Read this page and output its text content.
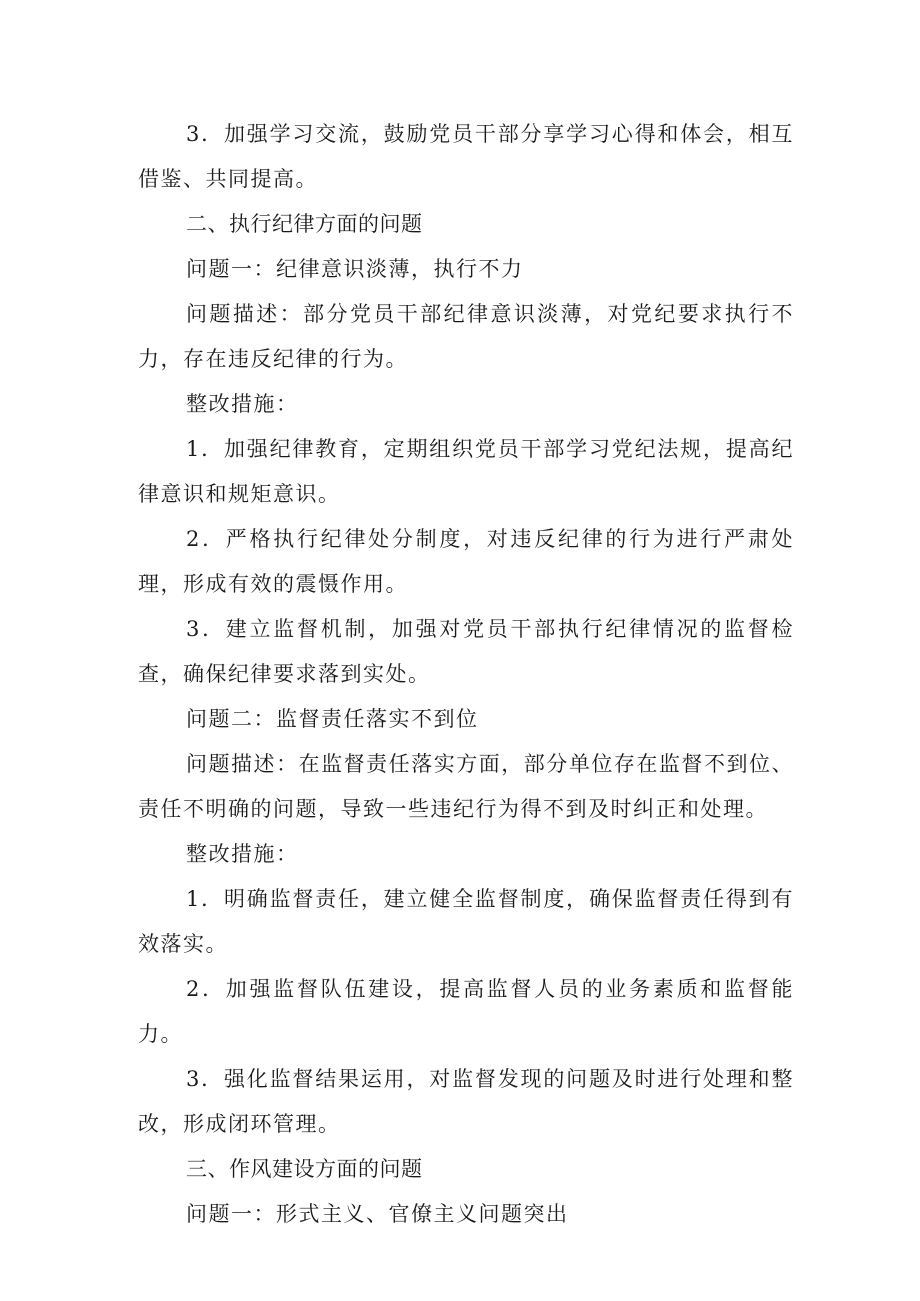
3．加强学习交流，鼓励党员干部分享学习心得和体会，相互借鉴、共同提高。

二、执行纪律方面的问题

问题一：纪律意识淡薄，执行不力

问题描述：部分党员干部纪律意识淡薄，对党纪要求执行不力，存在违反纪律的行为。

整改措施：

1．加强纪律教育，定期组织党员干部学习党纪法规，提高纪律意识和规矩意识。

2．严格执行纪律处分制度，对违反纪律的行为进行严肃处理，形成有效的震慑作用。

3．建立监督机制，加强对党员干部执行纪律情况的监督检查，确保纪律要求落到实处。

问题二：监督责任落实不到位

问题描述：在监督责任落实方面，部分单位存在监督不到位、责任不明确的问题，导致一些违纪行为得不到及时纠正和处理。

整改措施：

1．明确监督责任，建立健全监督制度，确保监督责任得到有效落实。

2．加强监督队伍建设，提高监督人员的业务素质和监督能力。

3．强化监督结果运用，对监督发现的问题及时进行处理和整改，形成闭环管理。

三、作风建设方面的问题

问题一：形式主义、官僚主义问题突出
